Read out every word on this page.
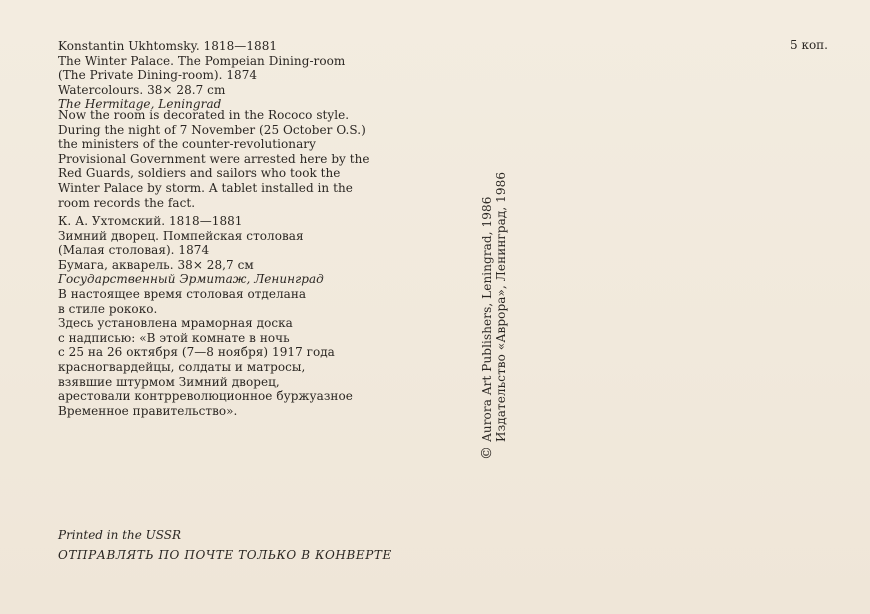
5 коп.
Konstantin Ukhtomsky. 1818—1881
The Winter Palace. The Pompeian Dining-room
(The Private Dining-room). 1874
Watercolours. 38× 28.7 cm
The Hermitage, Leningrad
Now the room is decorated in the Rococo style.
During the night of 7 November (25 October O.S.)
the ministers of the counter-revolutionary
Provisional Government were arrested here by the
Red Guards, soldiers and sailors who took the
Winter Palace by storm. A tablet installed in the
room records the fact.
К. А. Ухтомский. 1818—1881
Зимний дворец. Помпейская столовая
(Малая столовая). 1874
Бумага, акварель. 38× 28,7 см
Государственный Эрмитаж, Ленинград
В настоящее время столовая отделана
в стиле рококо.
Здесь установлена мраморная доска
с надписью: «В этой комнате в ночь
с 25 на 26 октября (7—8 ноября) 1917 года
красногвардейцы, солдаты и матросы,
взявшие штурмом Зимний дворец,
арестовали контрреволюционное буржуазное
Временное правительство».
©Aurora Art Publishers, Leningrad, 1986 Издательство «Аврора», Ленинград, 1986
Printed in the USSR
ОТПРАВЛЯТЬ ПО ПОЧТЕ ТОЛЬКО В КОНВЕРТЕ
